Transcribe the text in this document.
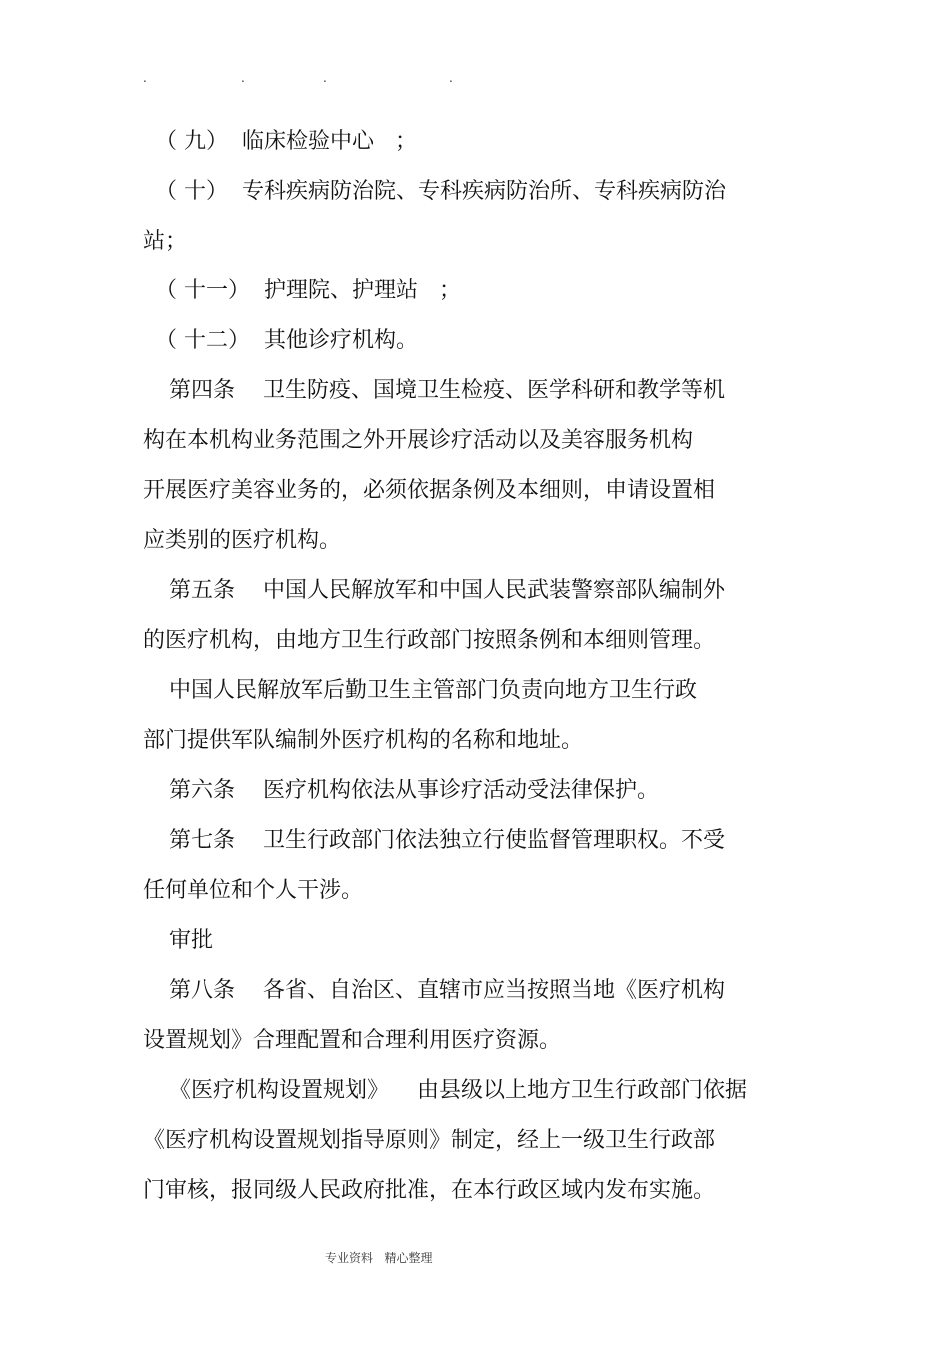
.	.	.	.
（ 九）  临床检验中心   ；
（ 十）  专科疾病防治院、专科疾病防治所、专科疾病防治
站；
（ 十一）  护理院、护理站   ；
（ 十二）  其他诊疗机构。
第四条    卫生防疫、国境卫生检疫、医学科研和教学等机
构在本机构业务范围之外开展诊疗活动以及美容服务机构
开展医疗美容业务的，必须依据条例及本细则，申请设置相
应类别的医疗机构。
第五条    中国人民解放军和中国人民武装警察部队编制外
的医疗机构，由地方卫生行政部门按照条例和本细则管理。
中国人民解放军后勤卫生主管部门负责向地方卫生行政
部门提供军队编制外医疗机构的名称和地址。
第六条    医疗机构依法从事诊疗活动受法律保护。
第七条    卫生行政部门依法独立行使监督管理职权。不受
任何单位和个人干涉。
审批
第八条    各省、自治区、直辖市应当按照当地《医疗机构
设置规划》合理配置和合理利用医疗资源。
《医疗机构设置规划》    由县级以上地方卫生行政部门依据
《医疗机构设置规划指导原则》制定，经上一级卫生行政部
门审核，报同级人民政府批准，在本行政区域内发布实施。
专业资料   精心整理
